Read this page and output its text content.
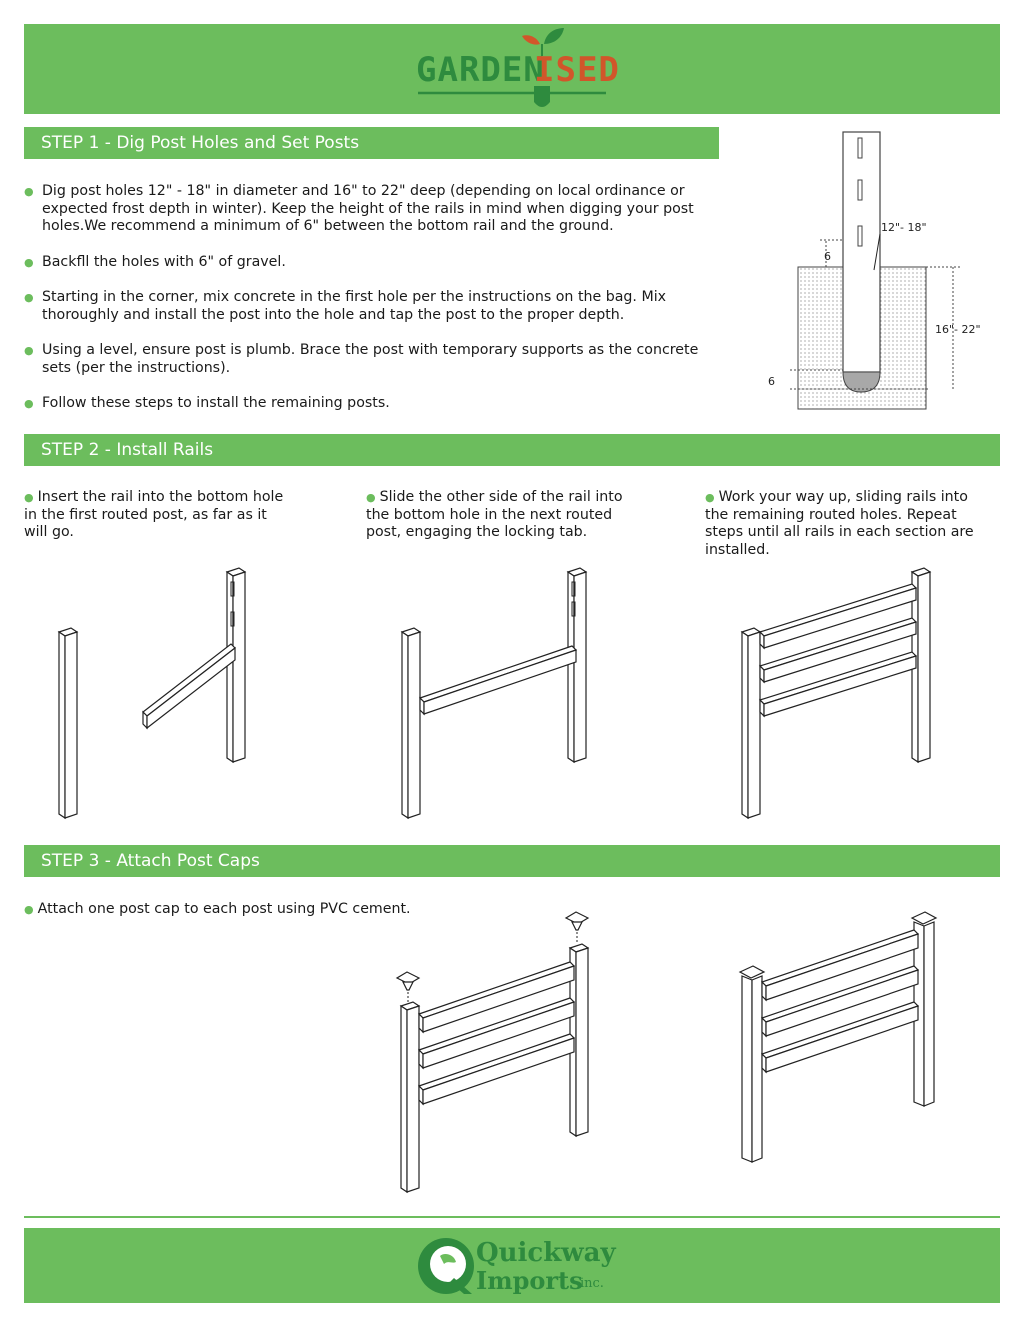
GARDEN
ISED
STEP 1 - Dig Post Holes and Set Posts
● Dig post holes 12" - 18" in diameter and 16" to 22" deep (depending on local ordinance or expected frost depth in winter). Keep the height of the rails in mind when digging your post holes.We recommend a minimum of 6" between the bottom rail and the ground.
● Backfll the holes with 6" of gravel.
● Starting in the corner, mix concrete in the first hole per the instructions on the bag. Mix thoroughly and install the post into the hole and tap the post to the proper depth.
● Using a level, ensure post is plumb. Brace the post with temporary supports as the concrete sets (per the instructions).
● Follow these steps to install the remaining posts.
12"- 18"
16"- 22"
6
6
STEP 2 - Install Rails
● Insert the rail into the bottom hole in the first routed post, as far as it will go.
● Slide the other side of the rail into the bottom hole in the next routed post, engaging the locking tab.
● Work your way up, sliding rails into the remaining routed holes. Repeat steps until all rails in each section are installed.
STEP 3 - Attach Post Caps
● Attach one post cap to each post using PVC cement.
Quickway
Imports
inc.
